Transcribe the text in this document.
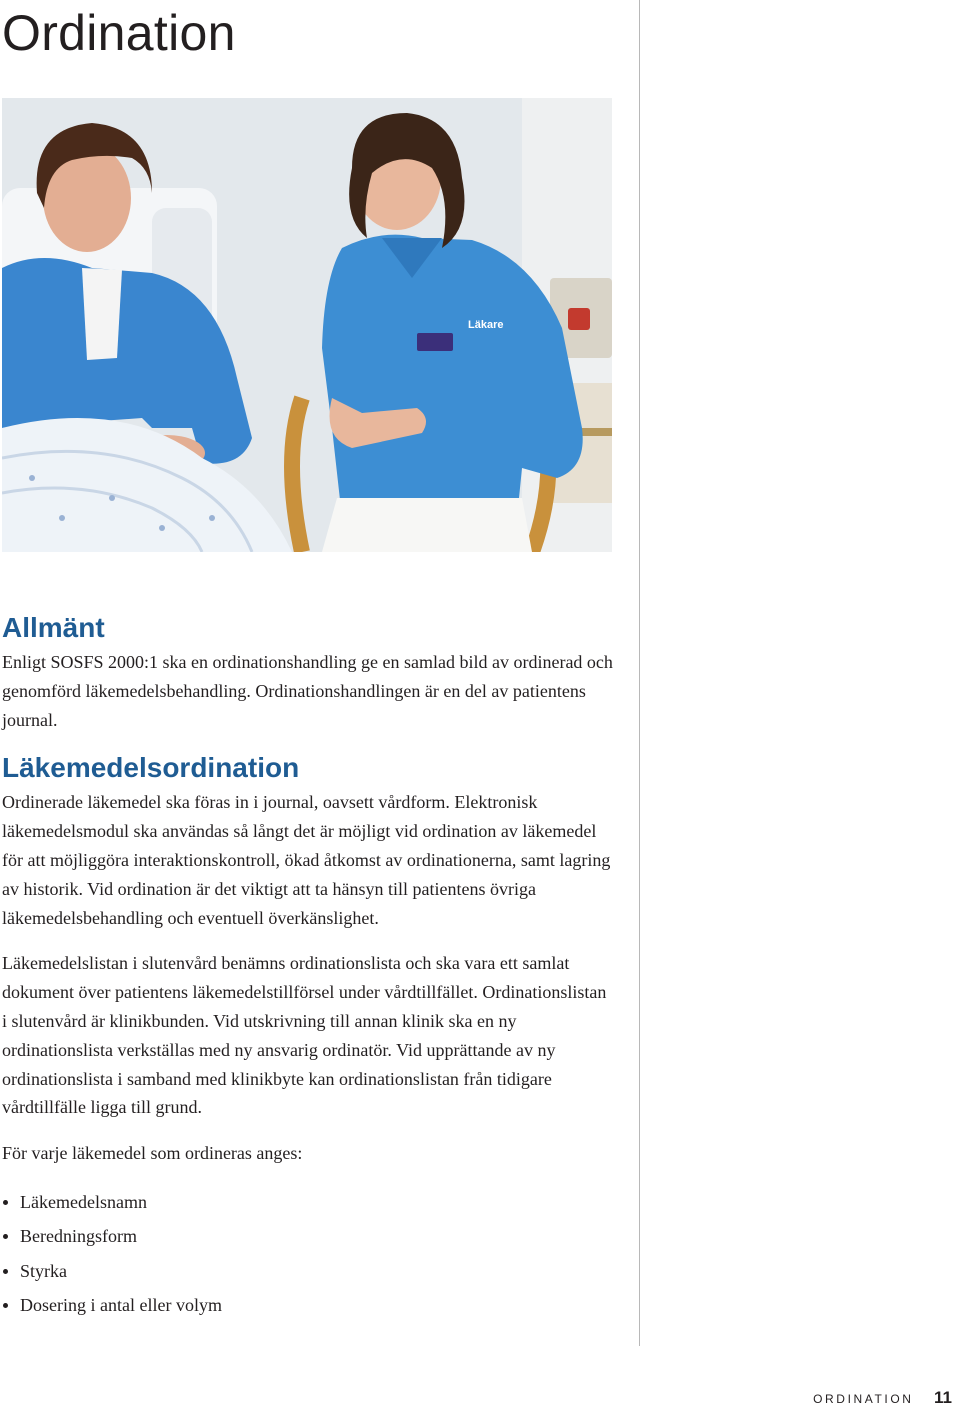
Ordination
Läkare
Allmänt

Enligt SOSFS 2000:1 ska en ordinationshandling ge en samlad bild av ordinerad och genomförd läkemedelsbehandling. Ordinationshandlingen är en del av patientens journal.

Läkemedelsordination

Ordinerade läkemedel ska föras in i journal, oavsett vårdform. Elektronisk läkemedelsmodul ska användas så långt det är möjligt vid ordination av läkemedel för att möjliggöra interaktionskontroll, ökad åtkomst av ordinationerna, samt lagring av historik. Vid ordination är det viktigt att ta hänsyn till patientens övriga läkemedelsbehandling och eventuell överkänslighet.

Läkemedelslistan i slutenvård benämns ordinationslista och ska vara ett samlat dokument över patientens läkemedelstillförsel under vårdtillfället. Ordinationslistan i slutenvård är klinikbunden. Vid utskrivning till annan klinik ska en ny ordinationslista verkställas med ny ansvarig ordinatör. Vid upprättande av ny ordinationslista i samband med klinikbyte kan ordinationslistan från tidigare vårdtillfälle ligga till grund.

För varje läkemedel som ordineras anges:

Läkemedelsnamn
Beredningsform
Styrka
Dosering i antal eller volym
ORDINATION 11
